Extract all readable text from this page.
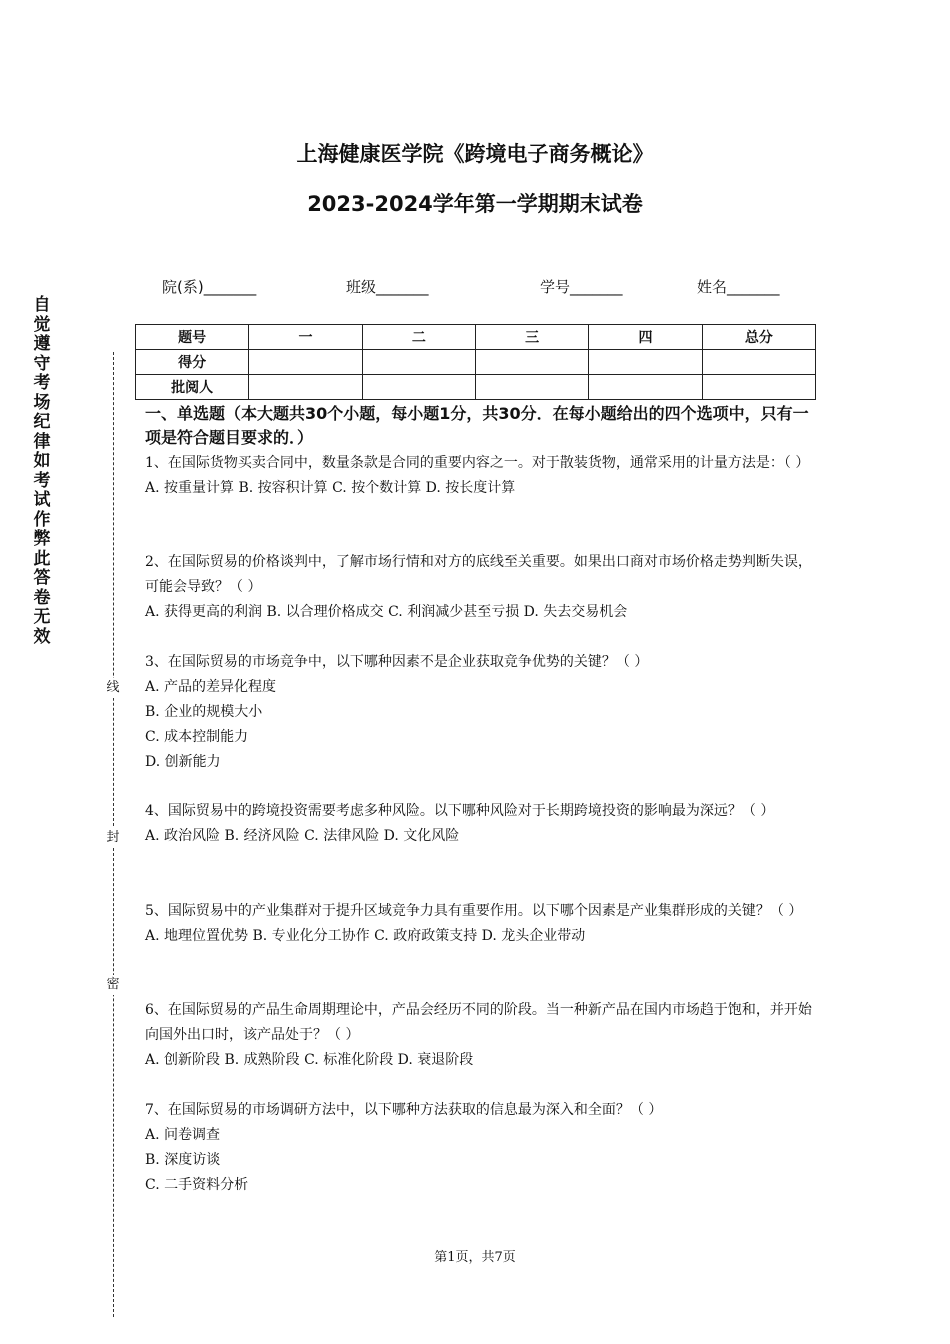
上海健康医学院《跨境电子商务概论》
2023-2024学年第一学期期末试卷
院(系)_______	班级_______	学号_______	姓名_______
题号	一	二	三	四	总分
得分					
批阅人					
自
觉
遵
守
考
场
纪
律
如
考
试
作
弊
此
答
卷
无
效
线
封
密
一、单选题（本大题共30个小题，每小题1分，共30分．在每小题给出的四个选项中，只有一项是符合题目要求的．）

1、在国际货物买卖合同中，数量条款是合同的重要内容之一。对于散装货物，通常采用的计量方法是：（ ）

A. 按重量计算 B. 按容积计算 C. 按个数计算 D. 按长度计算

2、在国际贸易的价格谈判中，了解市场行情和对方的底线至关重要。如果出口商对市场价格走势判断失误，可能会导致？（ ）

A. 获得更高的利润 B. 以合理价格成交 C. 利润减少甚至亏损 D. 失去交易机会

3、在国际贸易的市场竞争中，以下哪种因素不是企业获取竞争优势的关键？（ ）

A. 产品的差异化程度

B. 企业的规模大小

C. 成本控制能力

D. 创新能力

4、国际贸易中的跨境投资需要考虑多种风险。以下哪种风险对于长期跨境投资的影响最为深远？（ ）

A. 政治风险 B. 经济风险 C. 法律风险 D. 文化风险

5、国际贸易中的产业集群对于提升区域竞争力具有重要作用。以下哪个因素是产业集群形成的关键？（ ）

A. 地理位置优势 B. 专业化分工协作 C. 政府政策支持 D. 龙头企业带动

6、在国际贸易的产品生命周期理论中，产品会经历不同的阶段。当一种新产品在国内市场趋于饱和，并开始向国外出口时，该产品处于？（ ）

A. 创新阶段 B. 成熟阶段 C. 标准化阶段 D. 衰退阶段

7、在国际贸易的市场调研方法中，以下哪种方法获取的信息最为深入和全面？（ ）

A. 问卷调查

B. 深度访谈

C. 二手资料分析

第1页，共7页
